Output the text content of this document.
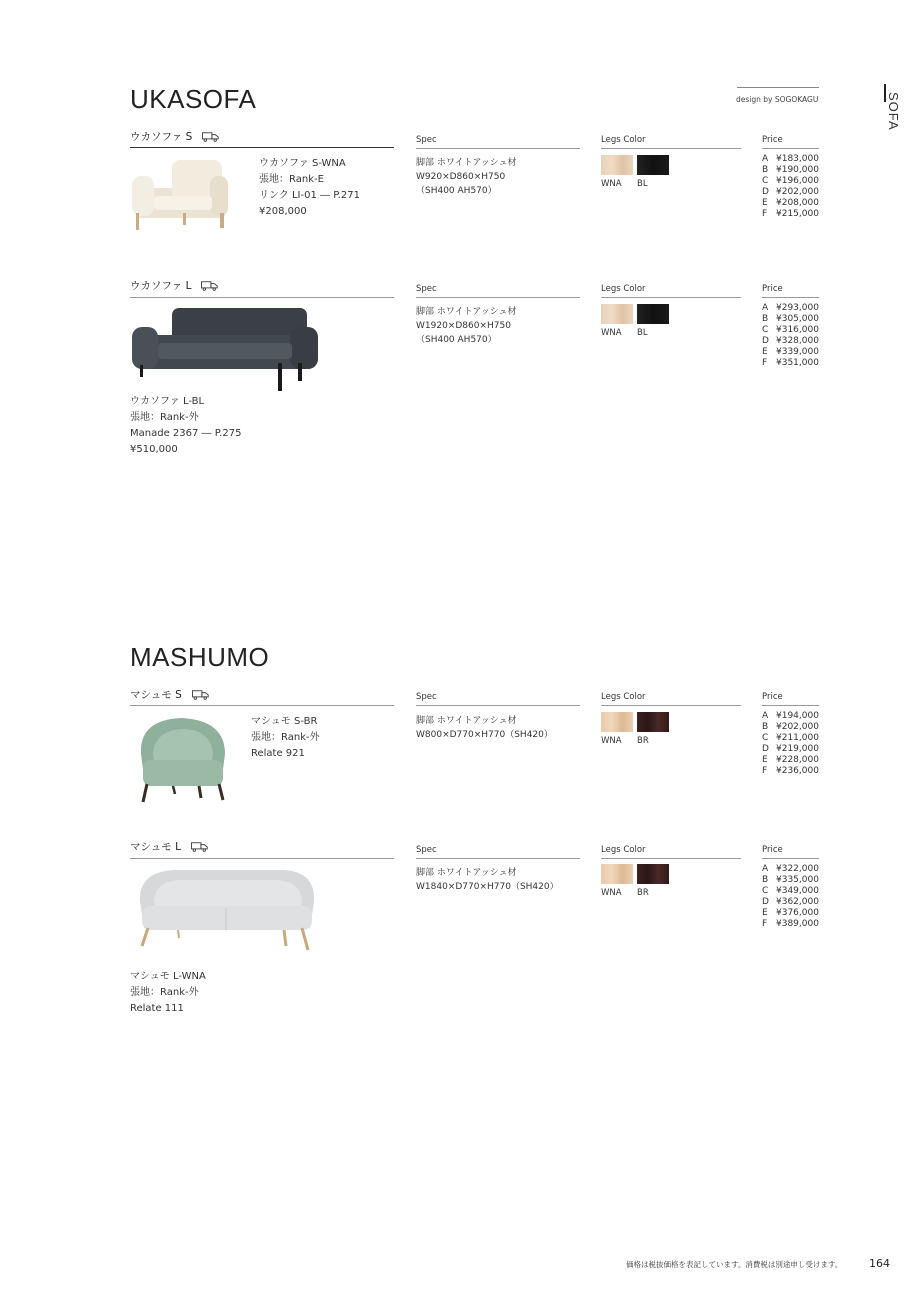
SOFA
design by SOGOKAGU
UKASOFA
ウカソファ S
ウカソファ S-WNA
張地：Rank-E
リンク LI-01 ― P.271
¥208,000
Spec
脚部 ホワイトアッシュ材
W920×D860×H750
（SH400 AH570）
Legs Color
WNA BL
Price
A ¥183,000
B ¥190,000
C ¥196,000
D ¥202,000
E ¥208,000
F ¥215,000
ウカソファ L
ウカソファ L-BL
張地：Rank-外
Manade 2367 ― P.275
¥510,000
Spec
脚部 ホワイトアッシュ材
W1920×D860×H750
（SH400 AH570）
Legs Color
WNA BL
Price
A ¥293,000
B ¥305,000
C ¥316,000
D ¥328,000
E ¥339,000
F ¥351,000
MASHUMO
マシュモ S
マシュモ S-BR
張地：Rank-外
Relate 921
Spec
脚部 ホワイトアッシュ材
W800×D770×H770（SH420）
Legs Color
WNA BR
Price
A ¥194,000
B ¥202,000
C ¥211,000
D ¥219,000
E ¥228,000
F ¥236,000
マシュモ L
マシュモ L-WNA
張地：Rank-外
Relate 111
Spec
脚部 ホワイトアッシュ材
W1840×D770×H770（SH420）
Legs Color
WNA BR
Price
A ¥322,000
B ¥335,000
C ¥349,000
D ¥362,000
E ¥376,000
F ¥389,000
価格は税抜価格を表記しています。消費税は別途申し受けます。 164
